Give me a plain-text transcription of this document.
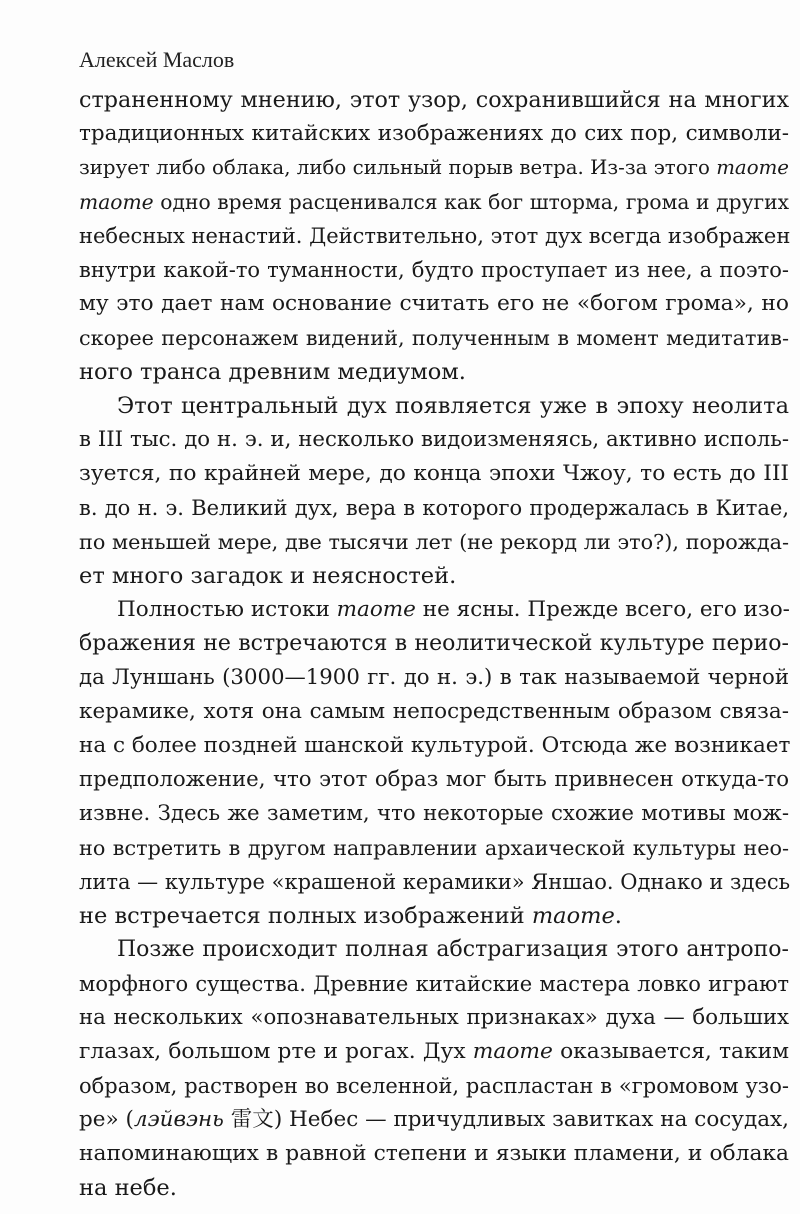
Алексей Маслов
страненному мнению, этот узор, сохранившийся на многих
традиционных китайских изображениях до сих пор, символи-
зирует либо облака, либо сильный порыв ветра. Из-за этого таоте
таоте одно время расценивался как бог шторма, грома и других
небесных ненастий. Действительно, этот дух всегда изображен
внутри какой-то туманности, будто проступает из нее, а поэто-
му это дает нам основание считать его не «богом грома», но
скорее персонажем видений, полученным в момент медитатив-
ного транса древним медиумом.
Этот центральный дух появляется уже в эпоху неолита
в III тыс. до н. э. и, несколько видоизменяясь, активно исполь-
зуется, по крайней мере, до конца эпохи Чжоу, то есть до III
в. до н. э. Великий дух, вера в которого продержалась в Китае,
по меньшей мере, две тысячи лет (не рекорд ли это?), порожда-
ет много загадок и неясностей.
Полностью истоки таоте не ясны. Прежде всего, его изо-
бражения не встречаются в неолитической культуре перио-
да Луншань (3000—1900 гг. до н. э.) в так называемой черной
керамике, хотя она самым непосредственным образом связа-
на с более поздней шанской культурой. Отсюда же возникает
предположение, что этот образ мог быть привнесен откуда-то
извне. Здесь же заметим, что некоторые схожие мотивы мож-
но встретить в другом направлении архаической культуры нео-
лита — культуре «крашеной керамики» Яншао. Однако и здесь
не встречается полных изображений таоте.
Позже происходит полная абстрагизация этого антропо-
морфного существа. Древние китайские мастера ловко играют
на нескольких «опознавательных признаках» духа — больших
глазах, большом рте и рогах. Дух таоте оказывается, таким
образом, растворен во вселенной, распластан в «громовом узо-
ре» (лэйвэнь 雷文) Небес — причудливых завитках на сосудах,
напоминающих в равной степени и языки пламени, и облака
на небе.
